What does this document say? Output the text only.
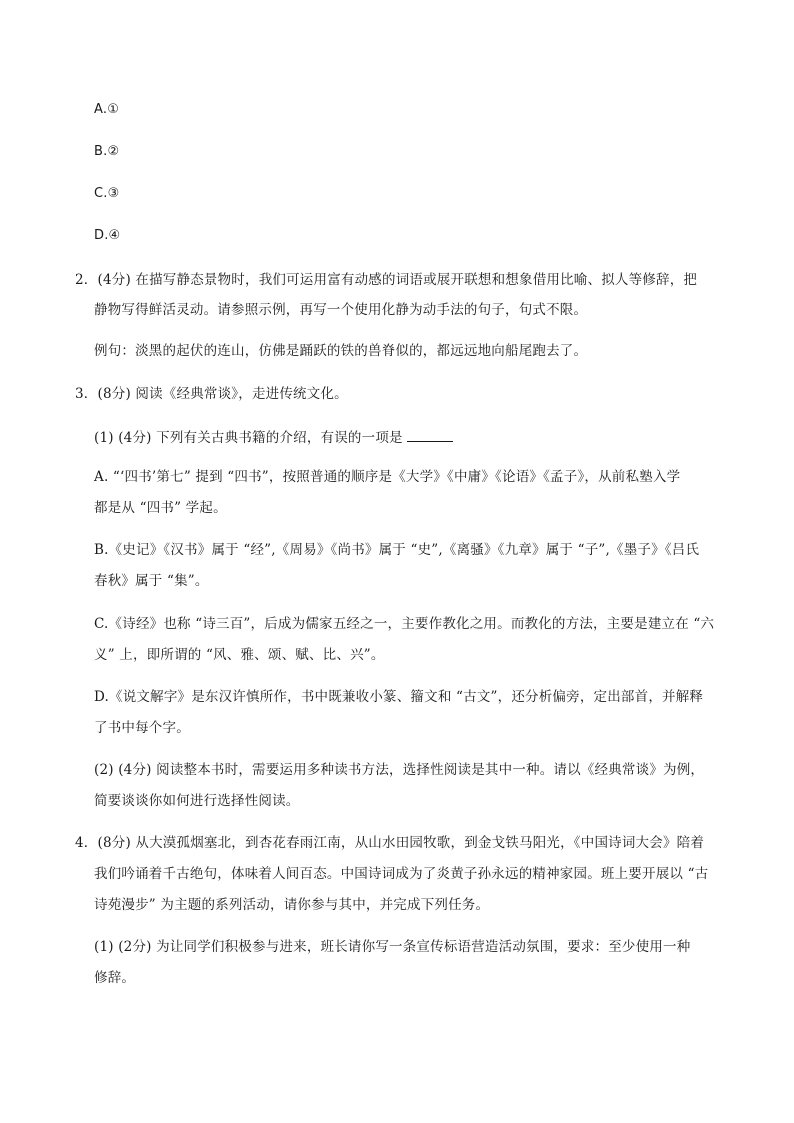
A.①
B.②
C.③
D.④
2．(4分) 在描写静态景物时，我们可运用富有动感的词语或展开联想和想象借用比喻、拟人等修辞，把
静物写得鲜活灵动。请参照示例，再写一个使用化静为动手法的句子，句式不限。
例句：淡黑的起伏的连山，仿佛是踊跃的铁的兽脊似的，都远远地向船尾跑去了。
3．(8分) 阅读《经典常谈》，走进传统文化。
(1) (4分) 下列有关古典书籍的介绍，有误的一项是
A. “‘四书’第七” 提到 “四书”，按照普通的顺序是《大学》《中庸》《论语》《孟子》，从前私塾入学
都是从 “四书” 学起。
B.《史记》《汉书》属于 “经”,《周易》《尚书》属于 “史”,《离骚》《九章》属于 “子”,《墨子》《吕氏
春秋》属于 “集”。
C.《诗经》也称 “诗三百”，后成为儒家五经之一，主要作教化之用。而教化的方法，主要是建立在 “六
义” 上，即所谓的 “风、雅、颂、赋、比、兴”。
D.《说文解字》是东汉许慎所作，书中既兼收小篆、籀文和 “古文”，还分析偏旁，定出部首，并解释
了书中每个字。
(2) (4分) 阅读整本书时，需要运用多种读书方法，选择性阅读是其中一种。请以《经典常谈》为例，
简要谈谈你如何进行选择性阅读。
4．(8分) 从大漠孤烟塞北，到杏花春雨江南，从山水田园牧歌，到金戈铁马阳光，《中国诗词大会》陪着
我们吟诵着千古绝句，体味着人间百态。中国诗词成为了炎黄子孙永远的精神家园。班上要开展以 “古
诗苑漫步” 为主题的系列活动，请你参与其中，并完成下列任务。
(1) (2分) 为让同学们积极参与进来，班长请你写一条宣传标语营造活动氛围，要求：至少使用一种
修辞。
